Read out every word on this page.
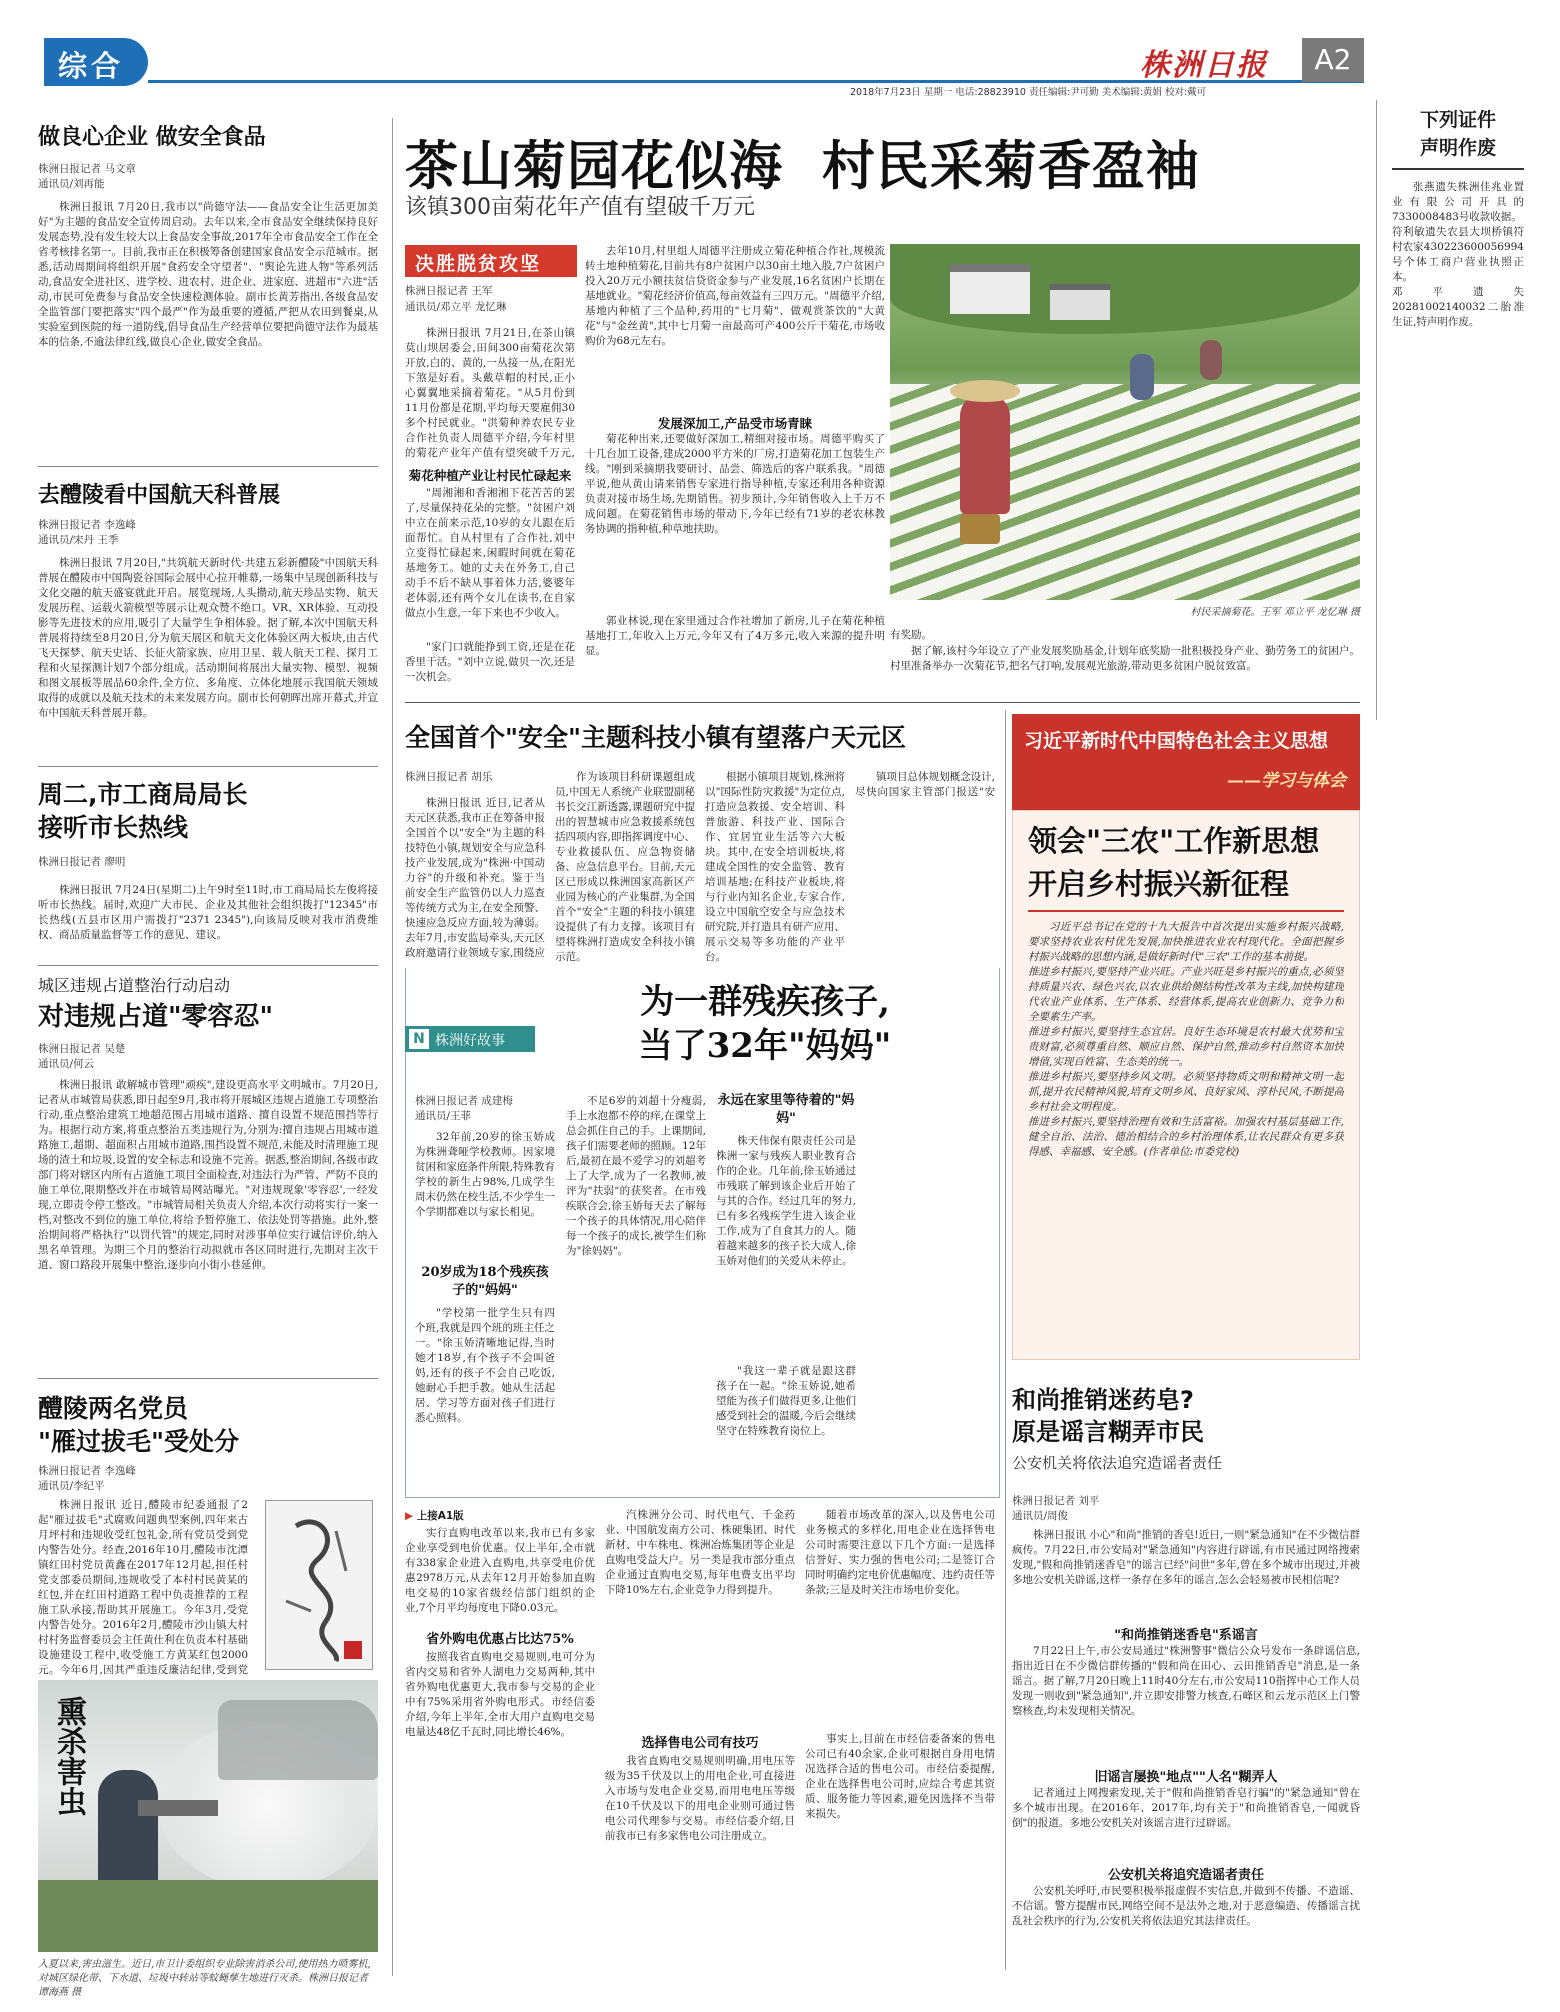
综合	株洲日报	A2
2018年7月23日 星期一 电话:28823910 责任编辑:尹可勤 美术编辑:黄娟 校对:戴可
做良心企业 做安全食品
株洲日报记者 马文章
通讯员/刘再能

株洲日报讯 7月20日,我市以"尚德守法——食品安全让生活更加美好"为主题的食品安全宣传周启动。去年以来,全市食品安全继续保持良好发展态势,没有发生较大以上食品安全事故,2017年全市食品安全工作在全省考核排名第一。目前,我市正在积极筹备创建国家食品安全示范城市。据悉,活动周期间将组织开展"食药安全守望者"、"舆论先进人物"等系列活动,食品安全进社区、进学校、进农村、进企业、进家庭、进超市"六进"活动,市民可免费参与食品安全快速检测体验。副市长黄芳指出,各级食品安全监管部门要把落实"四个最严"作为最重要的遵循,严把从农田到餐桌,从实验室到医院的每一道防线,倡导食品生产经营单位要把尚德守法作为最基本的信条,不逾法律红线,做良心企业,做安全食品。

去醴陵看中国航天科普展
株洲日报记者 李逸峰
通讯员/宋丹 王季

株洲日报讯 7月20日,"共筑航天新时代·共建五彩新醴陵"中国航天科普展在醴陵市中国陶瓷谷国际会展中心拉开帷幕,一场集中呈现创新科技与文化交融的航天盛宴就此开启。展览现场,人头攒动,航天珍品实物、航天发展历程、运载火箭模型等展示让观众赞不绝口。VR、XR体验、互动投影等先进技术的应用,吸引了大量学生争相体验。据了解,本次中国航天科普展将持续至8月20日,分为航天展区和航天文化体验区两大板块,由古代飞天探梦、航天史话、长征火箭家族、应用卫星、载人航天工程、探月工程和火星探测计划7个部分组成。活动期间将展出大量实物、模型、视频和图文展板等展品60余件,全方位、多角度、立体化地展示我国航天领域取得的成就以及航天技术的未来发展方向。副市长何朝晖出席开幕式,并宣布中国航天科普展开幕。

周二,市工商局局长
接听市长热线
株洲日报记者 廖明

株洲日报讯 7月24日(星期二)上午9时至11时,市工商局局长左俊将接听市长热线。届时,欢迎广大市民、企业及其他社会组织拨打"12345"市长热线(五县市区用户需拨打"2371 2345"),向该局反映对我市消费维权、商品质量监督等工作的意见、建议。

城区违规占道整治行动启动
对违规占道"零容忍"
株洲日报记者 吴楚
通讯员/何云

株洲日报讯 敢解城市管理"顽疾",建设更高水平文明城市。7月20日,记者从市城管局获悉,即日起至9月,我市将开展城区违规占道施工专项整治行动,重点整治建筑工地超范围占用城市道路、擅自设置不规范围挡等行为。根据行动方案,将重点整治五类违规行为,分别为:擅自违规占用城市道路施工,超期、超面积占用城市道路,围挡设置不规范,未能及时清理施工现场的渣土和垃圾,设置的安全标志和设施不完善。据悉,整治期间,各级市政部门将对辖区内所有占道施工项目全面检查,对违法行为严管、严防不良的施工单位,限期整改并在市城管局网站曝光。"对违规现象'零容忍',一经发现,立即责令停工整改。"市城管局相关负责人介绍,本次行动将实行一案一档,对整改不到位的施工单位,将给予暂停施工、依法处罚等措施。此外,整治期间将严格执行"以罚代管"的规定,同时对涉事单位实行诚信评价,纳入黑名单管理。为期三个月的整治行动拟就市各区同时进行,先期对主次干道、窗口路段开展集中整治,逐步向小街小巷延伸。

醴陵两名党员
"雁过拔毛"受处分
株洲日报记者 李逸峰
通讯员/李纪平

株洲日报讯 近日,醴陵市纪委通报了2起"雁过拔毛"式腐败问题典型案例,四年来古月坪村和违规收受红包礼金,所有党员受到党内警告处分。经查,2016年10月,醴陵市沈潭镇红田村党员黄鑫在2017年12月起,担任村党支部委员期间,违规收受了本村村民黄某的红包,并在红田村道路工程中负责推荐的工程施工队承接,帮助其开展施工。今年3月,受党内警告处分。2016年2月,醴陵市沙山镇大村村村务监督委员会主任黄仕利在负责本村基础设施建设工程中,收受施工方黄某红包2000元。今年6月,因其严重违反廉洁纪律,受到党

熏杀害虫
入夏以来,害虫滋生。近日,市卫计委组织专业除害消杀公司,使用热力喷雾机,对城区绿化带、下水道、垃圾中转站等蚊蝇孳生地进行灭杀。株洲日报记者 谭海燕 摄
茶山菊园花似海  村民采菊香盈袖
该镇300亩菊花年产值有望破千万元
决胜脱贫攻坚
株洲日报记者 王军
通讯员/邓立平 龙忆琳

株洲日报讯 7月21日,在茶山镇莫山坝居委会,田间300亩菊花次第开放,白的、黄的,一丛接一丛,在阳光下煞是好看。头戴草帽的村民,正小心翼翼地采摘着菊花。"从5月份到11月份都是花期,平均每天要雇佣30多个村民就业。"洪菊种养农民专业合作社负责人周德平介绍,今年村里的菊花产业年产值有望突破千万元,

菊花种植产业让村民忙碌起来

"周湘湘和香湘湘下花苦苦的罢了,尽量保持花朵的完整。"贫困户刘中立在前来示范,10岁的女儿跟在后面帮忙。自从村里有了合作社,刘中立变得忙碌起来,闲暇时间就在菊花基地务工。她的丈夫在外务工,自己动手不后不缺从事着体力活,婆婆年老体弱,还有两个女儿在读书,在自家做点小生意,一年下来也不少收入。

"家门口就能挣到工资,还是在花香里干活。"刘中立说,做贝一次,还是一次机会。

去年10月,村里组人周德平注册成立菊花种植合作社,规模流转土地种植菊花,目前共有8户贫困户以30亩土地入股,7户贫困户投入20万元小额扶贫信贷资金参与产业发展,16名贫困户长期在基地就业。"菊花经济价值高,每亩效益有三四万元。"周德平介绍,基地内种植了三个品种,药用的"七月菊"、做观赏茶饮的"大黄花"与"金丝黄",其中七月菊一亩最高可产400公斤干菊花,市场收购价为68元左右。

发展深加工,产品受市场青睐

菊花种出来,还要做好深加工,精细对接市场。周德平购买了十几台加工设备,建成2000平方米的厂房,打造菊花加工包装生产线。"刚到采摘期我要研讨、品尝、筛选后的客户联系我。"周德平说,他从黄山请来销售专家进行指导种植,专家还利用各种资源负责对接市场生场,先期销售。初步预计,今年销售收入上千万不成问题。在菊花销售市场的带动下,今年已经有71岁的老农林教务协调的指种植,种草地扶助。

郭业林说,现在家里通过合作社增加了新房,儿子在菊花种植基地打工,年收入上万元,今年又有了4万多元,收入来源的提升明显。

村民采摘菊花。王军 邓立平 龙忆琳 摄

有奖励。

据了解,该村今年设立了产业发展奖励基金,计划年底奖励一批积极投身产业、勤劳务工的贫困户。村里准备举办一次菊花节,把名气打响,发展观光旅游,带动更多贫困户脱贫致富。

下列证件
声明作废

张燕遗失株洲佳兆业置业有限公司开具的7330008483号收款收据。
符利敏遗失农县大坝桥镇符村农家430223600056994号个体工商户营业执照正本。
邓平遗失20281002140032二胎准生证,特声明作废。

全国首个"安全"主题科技小镇有望落户天元区
株洲日报记者 胡乐

株洲日报讯 近日,记者从天元区获悉,我市正在筹备申报全国首个以"安全"为主题的科技特色小镇,规划安全与应急科技产业发展,成为"株洲·中国动力谷"的升级和补充。鉴于当前安全生产监管仍以人力巡查等传统方式为主,在安全预警、快速应急反应方面,较为薄弱。去年7月,市安监局牵头,天元区政府邀请行业领域专家,围绕应

作为该项目科研课题组成员,中国无人系统产业联盟副秘书长交江新透露,课题研究中提出的智慧城市应急救援系统包括四项内容,即指挥调度中心、专业救援队伍、应急物资储备、应急信息平台。目前,天元区已形成以株洲国家高新区产业园为核心的产业集群,为全国首个"安全"主题的科技小镇建设提供了有力支撑。该项目有望将株洲打造成安全科技小镇示范。

根据小镇项目规划,株洲将以"国际性防灾救援"为定位点,打造应急救援、安全培训、科普旅游、科技产业、国际合作、宜居宜业生活等六大板块。其中,在安全培训板块,将建成全国性的安全监管、教育培训基地;在科技产业板块,将与行业内知名企业,专家合作,设立中国航空安全与应急技术研究院,并打造具有研产应用、展示交易等多功能的产业平台。

镇项目总体规划概念设计,尽快向国家主管部门报送"安

N 株洲好故事
为一群残疾孩子,
当了32年"妈妈"
株洲日报记者 成建梅
通讯员/王菲

32年前,20岁的徐玉娇成为株洲聋哑学校教师。因家境贫困和家庭条件所限,特殊教育学校的新生占98%,几成学生周末仍然在校生活,不少学生一个学期都难以与家长相见。

20岁成为18个残疾孩子的"妈妈"

"学校第一批学生只有四个班,我就是四个班的班主任之一。"徐玉娇清晰地记得,当时她才18岁,有个孩子不会叫爸妈,还有的孩子不会自己吃饭,她耐心手把手教。她从生活起居、学习等方面对孩子们进行悉心照料。

不足6岁的刘超十分瘦弱,手上水泡都不停的痒,在课堂上总会抓住自己的手。上课期间,孩子们需要老师的照顾。12年后,最初在最不爱学习的刘超考上了大学,成为了一名教师,被评为"扶弱"的获奖者。在市残疾联合会,徐玉娇每天去了解每一个孩子的具体情况,用心陪伴每一个孩子的成长,被学生们称为"徐妈妈"。

永远在家里等待着的"妈妈"

株天伟保有限责任公司是株洲一家与残疾人职业教育合作的企业。几年前,徐玉娇通过市残联了解到该企业后开始了与其的合作。经过几年的努力,已有多名残疾学生进入该企业工作,成为了自食其力的人。随着越来越多的孩子长大成人,徐玉娇对他们的关爱从未停止。

"我这一辈子就是跟这群孩子在一起。"徐玉娇说,她希望能为孩子们做得更多,让他们感受到社会的温暖,今后会继续坚守在特殊教育岗位上。

▶ 上接A1版

实行直购电改革以来,我市已有多家企业享受到电价优惠。仅上半年,全市就有338家企业进入直购电,共享受电价优惠2978万元,从去年12月开始参加直购电交易的10家省级经信部门组织的企业,7个月平均每度电下降0.03元。

省外购电优惠占比达75%

按照我省直购电交易规则,电可分为省内交易和省外人湖电力交易两种,其中省外购电优惠更大,我市参与交易的企业中有75%采用省外购电形式。市经信委介绍,今年上半年,全市大用户直购电交易电量达48亿千瓦时,同比增长46%。

汽株洲分公司、时代电气、千金药业、中国航发南方公司、株硬集团、时代新材、中车株电、株洲冶炼集团等企业是直购电受益大户。另一类是我市部分重点企业通过直购电交易,每年电费支出平均下降10%左右,企业竞争力得到提升。

选择售电公司有技巧

我省直购电交易规则明确,用电压等级为35千伏及以上的用电企业,可直接进入市场与发电企业交易,而用电电压等级在10千伏及以下的用电企业则可通过售电公司代理参与交易。市经信委介绍,目前我市已有多家售电公司注册成立。

随着市场改革的深入,以及售电公司业务模式的多样化,用电企业在选择售电公司时需要注意以下几个方面:一是选择信誉好、实力强的售电公司;二是签订合同时明确约定电价优惠幅度、违约责任等条款;三是及时关注市场电价变化。

事实上,目前在市经信委备案的售电公司已有40余家,企业可根据自身用电情况选择合适的售电公司。市经信委提醒,企业在选择售电公司时,应综合考虑其资质、服务能力等因素,避免因选择不当带来损失。

习近平新时代中国特色社会主义思想
——学习与体会
领会"三农"工作新思想
开启乡村振兴新征程

习近平总书记在党的十九大报告中首次提出实施乡村振兴战略,要求坚持农业农村优先发展,加快推进农业农村现代化。全面把握乡村振兴战略的思想内涵,是做好新时代"三农"工作的基本前提。
推进乡村振兴,要坚持产业兴旺。产业兴旺是乡村振兴的重点,必须坚持质量兴农、绿色兴农,以农业供给侧结构性改革为主线,加快构建现代农业产业体系、生产体系、经营体系,提高农业创新力、竞争力和全要素生产率。
推进乡村振兴,要坚持生态宜居。良好生态环境是农村最大优势和宝贵财富,必须尊重自然、顺应自然、保护自然,推动乡村自然资本加快增值,实现百姓富、生态美的统一。
推进乡村振兴,要坚持乡风文明。必须坚持物质文明和精神文明一起抓,提升农民精神风貌,培育文明乡风、良好家风、淳朴民风,不断提高乡村社会文明程度。
推进乡村振兴,要坚持治理有效和生活富裕。加强农村基层基础工作,健全自治、法治、德治相结合的乡村治理体系,让农民群众有更多获得感、幸福感、安全感。(作者单位:市委党校)

和尚推销迷药皂?
原是谣言糊弄市民
公安机关将依法追究造谣者责任
株洲日报记者 刘平
通讯员/周俊

株洲日报讯 小心"和尚"推销的香皂!近日,一则"紧急通知"在不少微信群疯传。7月22日,市公安局对"紧急通知"内容进行辟谣,有市民通过网络搜索发现,"假和尚推销迷香皂"的谣言已经"问世"多年,曾在多个城市出现过,并被多地公安机关辟谣,这样一条存在多年的谣言,怎么会轻易被市民相信呢?

"和尚推销迷香皂"系谣言

7月22日上午,市公安局通过"株洲警事"微信公众号发布一条辟谣信息,指出近日在不少微信群传播的"假和尚在田心、云田推销香皂"消息,是一条谣言。据了解,7月20日晚上11时40分左右,市公安局110指挥中心工作人员发现一则收到"紧急通知",并立即安排警力核查,石峰区和云龙示范区上门警察核查,均未发现相关情况。

旧谣言屡换"地点""人名"糊弄人

记者通过上网搜索发现,关于"假和尚推销香皂行骗"的"紧急通知"曾在多个城市出现。在2016年、2017年,均有关于"和尚推销香皂,一闻就昏倒"的报道。多地公安机关对该谣言进行过辟谣。

公安机关将追究造谣者责任

公安机关呼吁,市民要积极举报虚假不实信息,并做到不传播、不造谣、不信谣。警方提醒市民,网络空间不是法外之地,对于恶意编造、传播谣言扰乱社会秩序的行为,公安机关将依法追究其法律责任。
